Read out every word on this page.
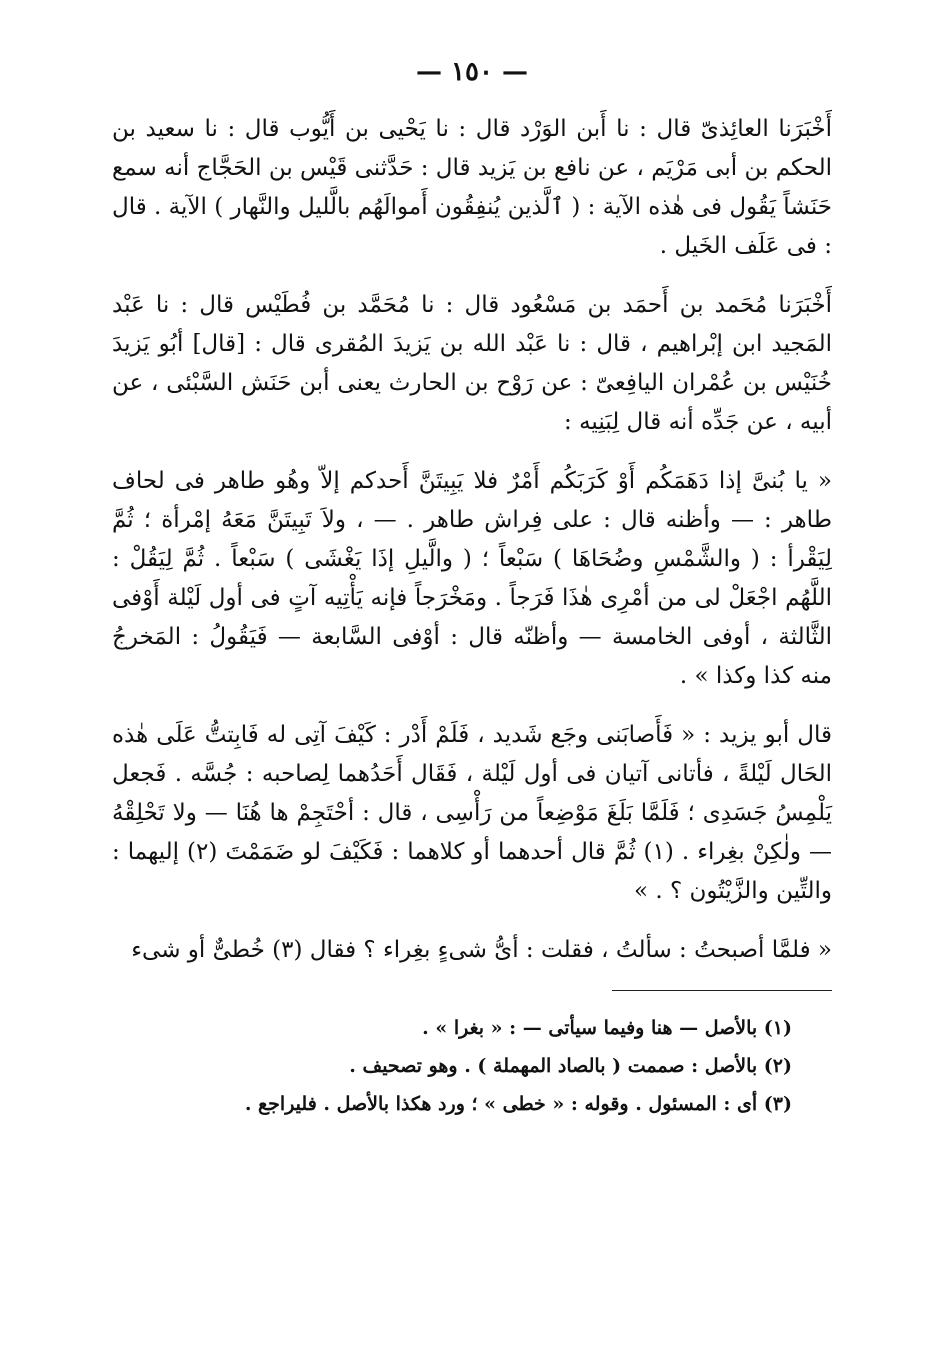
— ١٥٠ —

أَخْبَرَنا العائِذىّ قال : نا أَبن الوَرْد قال : نا يَحْيى بن أَيُّوب قال : نا سعيد بن الحكم بن أبى مَرْيَم ، عن نافع بن يَزيد قال : حَدَّثنى قَيْس بن الحَجَّاج أنه سمع حَنَشاً يَقُول فى هٰذه الآية : ( ٱلَّذين يُنفِقُون أَموالَهُم بالَّليل والنَّهار ) الآية . قال : فى عَلَف الخَيل .

أَخْبَرَنا مُحَمد بن أَحمَد بن مَسْعُود قال : نا مُحَمَّد بن فُطَيْس قال : نا عَبْد المَجيد ابن إبْراهيم ، قال : نا عَبْد الله بن يَزيدَ المُقرى قال : [قال] أبُو يَزيدَ خُنَيْس بن عُمْران اليافِعىّ : عن رَوْح بن الحارث يعنى أبن حَنَش السَّبْئى ، عن أبيه ، عن جَدِّه أنه قال لِبَنِيه :

« يا بُنىَّ إذا دَهَمَكُم أَوْ كَرَبَكُم أَمْرٌ فلا يَبِيتَنَّ أَحدكم إلاّ وهُو طاهر فى لحاف طاهر : — وأظنه قال : على فِراش طاهر . — ، ولاَ تَبِيتَنَّ مَعَهُ إمْرأة ؛ ثُمَّ لِيَقْرأ : ( والشَّمْسِ وضُحَاهَا ) سَبْعاً ؛ ( والَّيلِ إذَا يَغْشَى ) سَبْعاً . ثُمَّ لِيَقُلْ : اللَّهُم اجْعَلْ لى من أمْرِى هٰذَا فَرَجاً . ومَخْرَجاً فإنه يَأْتِيه آتٍ فى أول لَيْلة أَوْفى الثَّالثة ، أوفى الخامسة — وأظنّه قال : أوْفى السَّابعة — فَيَقُولُ : المَخرجُ منه كذا وكذا » .

قال أبو يزيد : « فَأَصابَنى وجَع شَديد ، فَلَمْ أَدْر : كَيْفَ آتِى له فَابِتتُّ عَلَى هٰذه الحَال لَيْلةً ، فأتانى آتيان فى أول لَيْلة ، فَقَال أَحَدُهما لِصاحبه : جُسَّه . فَجعل يَلْمِسُ جَسَدِى ؛ فَلَمَّا بَلَغَ مَوْضِعاً من رَأْسِى ، قال : أحْتَجِمْ ها هُنَا — ولا تَحْلِقْهُ — ولٰكِنْ بغِراء . (١) ثُمَّ قال أحدهما أو كلاهما : فَكَيْفَ لو ضَمَمْتَ (٢) إليهما : والتِّين والزَّيْتُون ؟ . »

« فلمَّا أصبحتُ : سألتُ ، فقلت : أىُّ شىءٍ بغِراء ؟ فقال (٣) خُطىٌّ أو شىء

(١) بالأصل — هنا وفيما سيأتى — : « بغرا » .
(٢) بالأصل : صممت ( بالصاد المهملة ) . وهو تصحيف .
(٣) أى : المسئول . وقوله : « خطى » ؛ ورد هكذا بالأصل . فليراجع .
